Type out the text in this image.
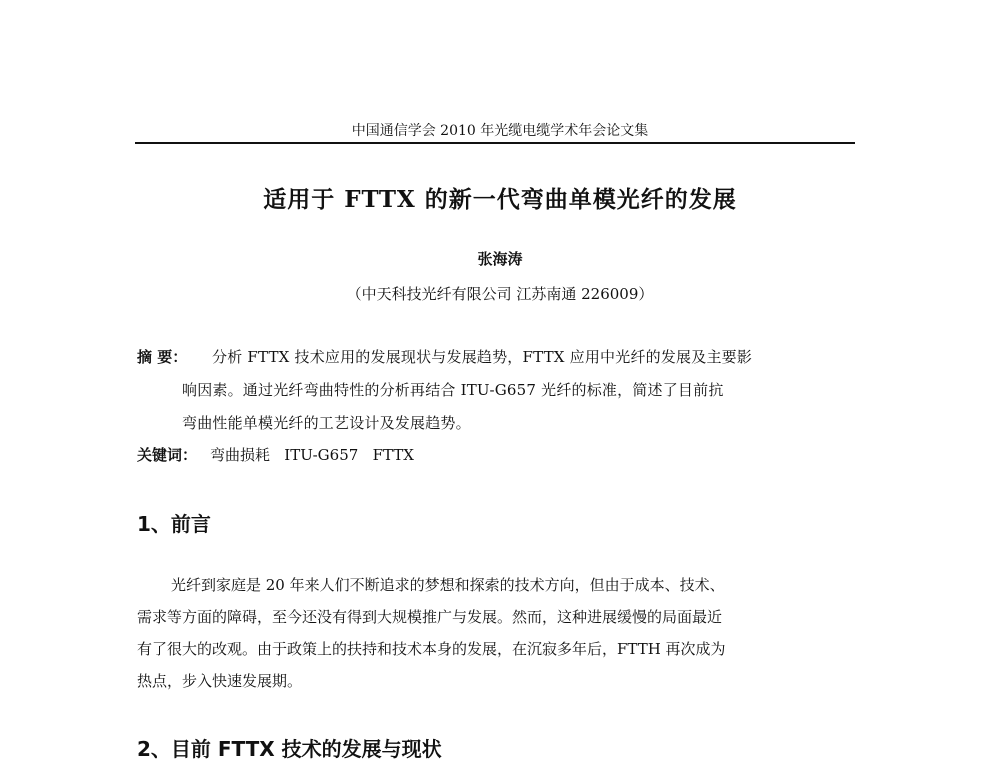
中国通信学会 2010 年光缆电缆学术年会论文集
适用于 FTTX 的新一代弯曲单模光纤的发展
张海涛
（中天科技光纤有限公司 江苏南通 226009）
摘 要： 分析 FTTX 技术应用的发展现状与发展趋势，FTTX 应用中光纤的发展及主要影
响因素。通过光纤弯曲特性的分析再结合 ITU-G657 光纤的标准，简述了目前抗
弯曲性能单模光纤的工艺设计及发展趋势。
关键词： 弯曲损耗   ITU-G657   FTTX
1、前言
光纤到家庭是 20 年来人们不断追求的梦想和探索的技术方向，但由于成本、技术、
需求等方面的障碍，至今还没有得到大规模推广与发展。然而，这种进展缓慢的局面最近
有了很大的改观。由于政策上的扶持和技术本身的发展，在沉寂多年后，FTTH 再次成为
热点，步入快速发展期。
2、目前 FTTX 技术的发展与现状
